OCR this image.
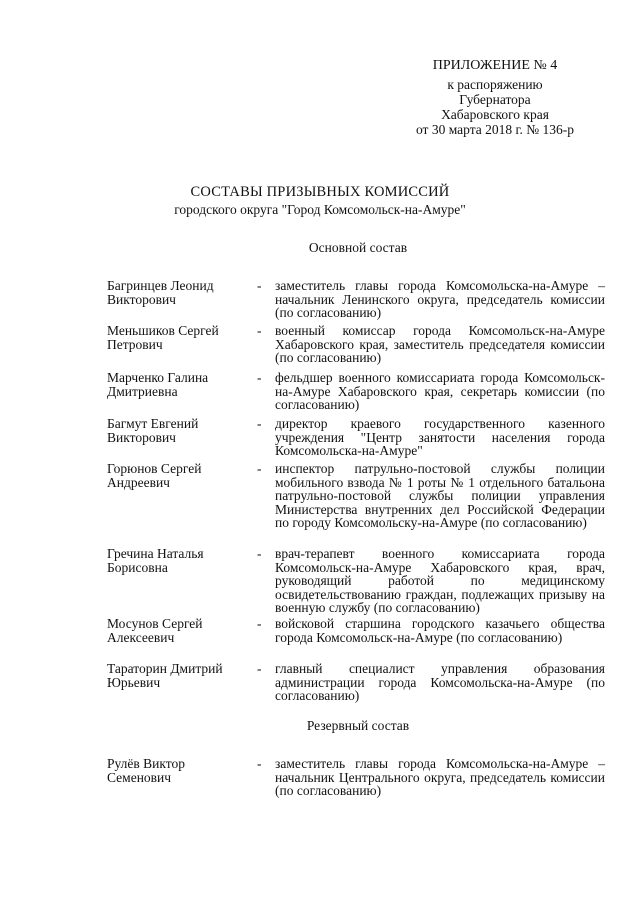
ПРИЛОЖЕНИЕ № 4
к распоряжению
Губернатора
Хабаровского края
от 30 марта 2018 г. № 136-р
СОСТАВЫ ПРИЗЫВНЫХ КОМИССИЙ
городского округа "Город Комсомольск-на-Амуре"
Основной состав
Багринцев Леонид
Викторович
-	заместитель главы города Комсомольска-на-Амуре – начальник Ленинского округа, председатель комиссии (по согласованию)
Меньшиков Сергей
Петрович
-	военный комиссар города Комсомольск-на-Амуре Хабаровского края, заместитель председателя комиссии (по согласованию)
Марченко Галина
Дмитриевна
-	фельдшер военного комиссариата города Комсомольск-на-Амуре Хабаровского края, секретарь комиссии (по согласованию)
Багмут Евгений
Викторович
-	директор краевого государственного казенного учреждения "Центр занятости населения города Комсомольска-на-Амуре"
Горюнов Сергей
Андреевич
-	инспектор патрульно-постовой службы полиции мобильного взвода № 1 роты № 1 отдельного батальона патрульно-постовой службы полиции управления Министерства внутренних дел Российской Федерации по городу Комсомольску-на-Амуре (по согласованию)
Гречина Наталья
Борисовна
-	врач-терапевт военного комиссариата города Комсомольск-на-Амуре Хабаровского края, врач, руководящий работой по медицинскому освидетельствованию граждан, подлежащих призыву на военную службу (по согласованию)
Мосунов Сергей
Алексеевич
-	войсковой старшина городского казачьего общества города Комсомольск-на-Амуре (по согласованию)
Тараторин Дмитрий
Юрьевич
-	главный специалист управления образования администрации города Комсомольска-на-Амуре (по согласованию)
Резервный состав
Рулёв Виктор
Семенович
-	заместитель главы города Комсомольска-на-Амуре – начальник Центрального округа, председатель комиссии (по согласованию)
